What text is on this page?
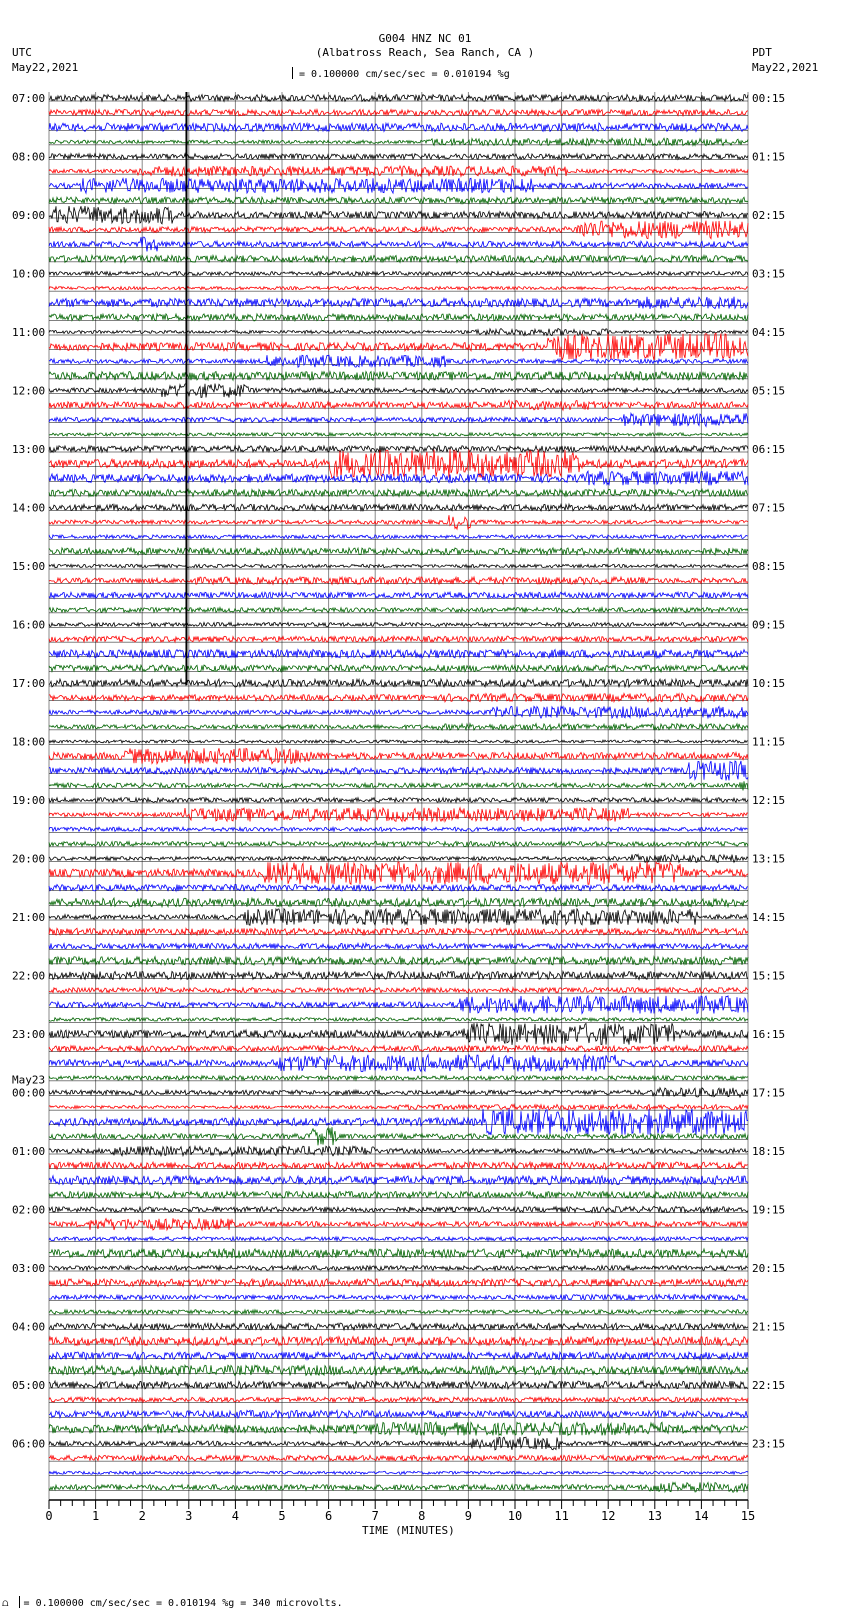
G004 HNZ NC 01
(Albatross Reach, Sea Ranch, CA )
UTC
May22,2021
PDT
May22,2021
= 0.100000 cm/sec/sec = 0.010194 %g
0	1	2	3	4	5	6	7	8	9	10	11	12	13	14	15
07:00
08:00
09:00
10:00
11:00
12:00
13:00
14:00
15:00
16:00
17:00
18:00
19:00
20:00
21:00
22:00
23:00
00:00
May23
01:00
02:00
03:00
04:00
05:00
06:00
00:15
01:15
02:15
03:15
04:15
05:15
06:15
07:15
08:15
09:15
10:15
11:15
12:15
13:15
14:15
15:15
16:15
17:15
18:15
19:15
20:15
21:15
22:15
23:15
TIME (MINUTES)
⩍ = 0.100000 cm/sec/sec = 0.010194 %g = 340 microvolts.
